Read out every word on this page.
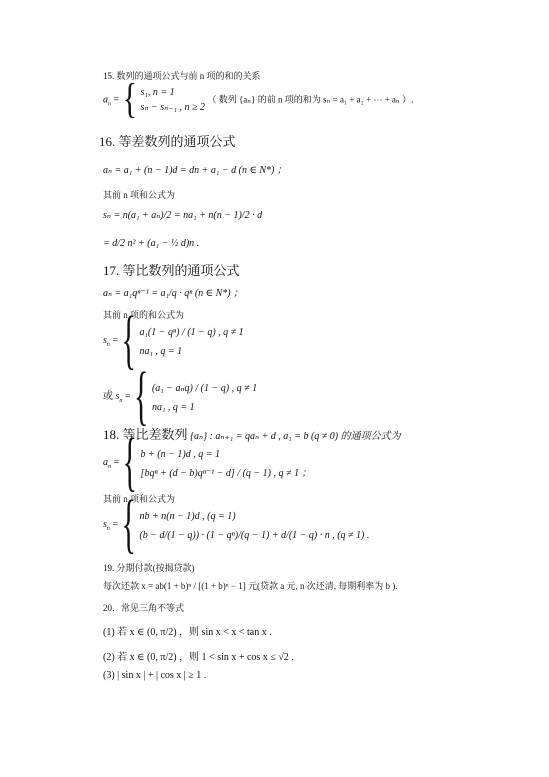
15. 数列的通项公式与前 n 项的和的关系
$a_n$ = { s₁, n = 1
sₙ − sₙ₋₁ , n ≥ 2
（ 数列 {aₙ} 的前 n 项的和为 sₙ = a₁ + a₂ + ⋯ + aₙ ）.
16. 等差数列的通项公式
aₙ = a₁ + (n − 1)d = dn + a₁ − d (n ∈ N*) ；
其前 n 项和公式为
sₙ = n(a₁ + aₙ)/2 = na₁ + n(n − 1)/2 · d
= d/2 n² + (a₁ − ½ d)n .
17. 等比数列的通项公式
aₙ = a₁qⁿ⁻¹ = a₁/q · qⁿ (n ∈ N*) ；
其前 n 项的和公式为
$s_n$ = { a₁(1 − qⁿ) / (1 − q) , q ≠ 1
na₁ , q = 1
或 $s_n$ = { (a₁ − aₙq) / (1 − q) , q ≠ 1
na₁ , q = 1
18. 等比差数列 {aₙ} : aₙ₊₁ = qaₙ + d , a₁ = b (q ≠ 0) 的通项公式为
$a_n$ = { b + (n − 1)d , q = 1
[bqⁿ + (d − b)qⁿ⁻¹ − d] / (q − 1) , q ≠ 1 ；
其前 n 项和公式为
$s_n$ = { nb + n(n − 1)d , (q = 1)
(b − d/(1 − q)) · (1 − qⁿ)/(q − 1) + d/(1 − q) · n , (q ≠ 1) .
19. 分期付款(按揭贷款)
每次还款 x = ab(1 + b)ⁿ / [(1 + b)ⁿ − 1] 元(贷款 a 元, n 次还清, 每期利率为 b ).
20．常见三角不等式
(1) 若 x ∈ (0, π/2) ，则 sin x < x < tan x .
(2) 若 x ∈ (0, π/2) ，则 1 < sin x + cos x ≤ √2 .
(3) | sin x | + | cos x | ≥ 1 .
